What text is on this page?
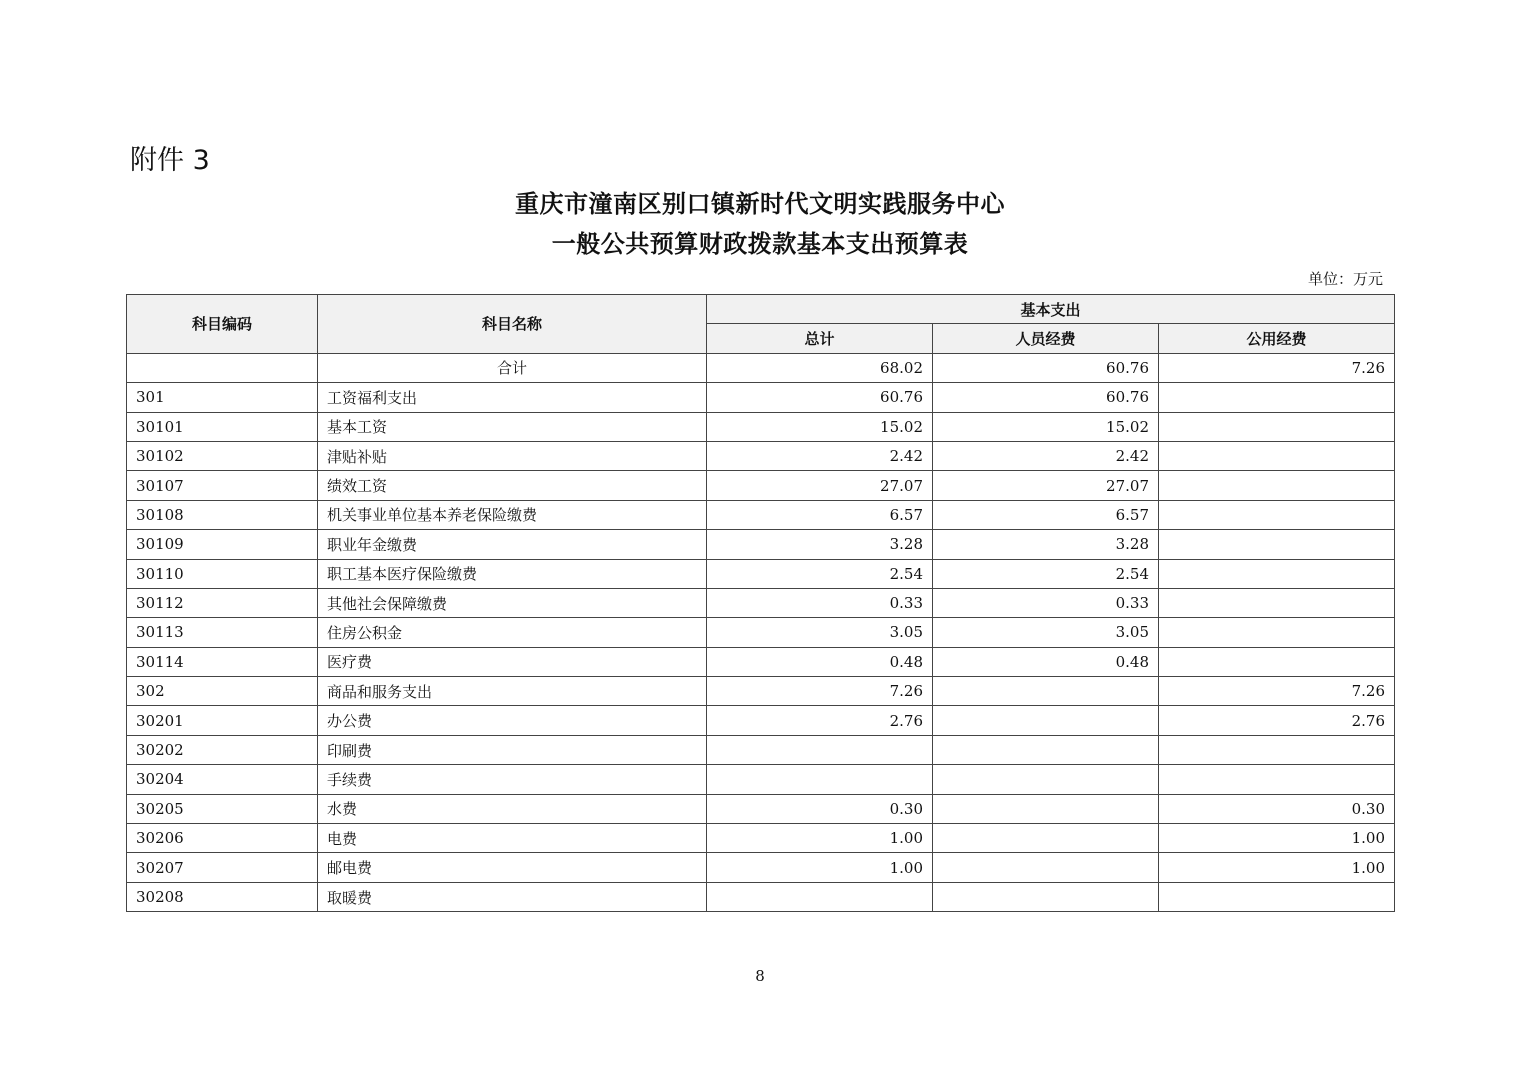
附件 3
重庆市潼南区别口镇新时代文明实践服务中心
一般公共预算财政拨款基本支出预算表
单位：万元
科目编码	科目名称	基本支出		
		总计	人员经费	公用经费
	合计	68.02	60.76	7.26
301	工资福利支出	60.76	60.76	
30101	基本工资	15.02	15.02	
30102	津贴补贴	2.42	2.42	
30107	绩效工资	27.07	27.07	
30108	机关事业单位基本养老保险缴费	6.57	6.57	
30109	职业年金缴费	3.28	3.28	
30110	职工基本医疗保险缴费	2.54	2.54	
30112	其他社会保障缴费	0.33	0.33	
30113	住房公积金	3.05	3.05	
30114	医疗费	0.48	0.48	
302	商品和服务支出	7.26		7.26
30201	办公费	2.76		2.76
30202	印刷费			
30204	手续费			
30205	水费	0.30		0.30
30206	电费	1.00		1.00
30207	邮电费	1.00		1.00
30208	取暖费			
8
